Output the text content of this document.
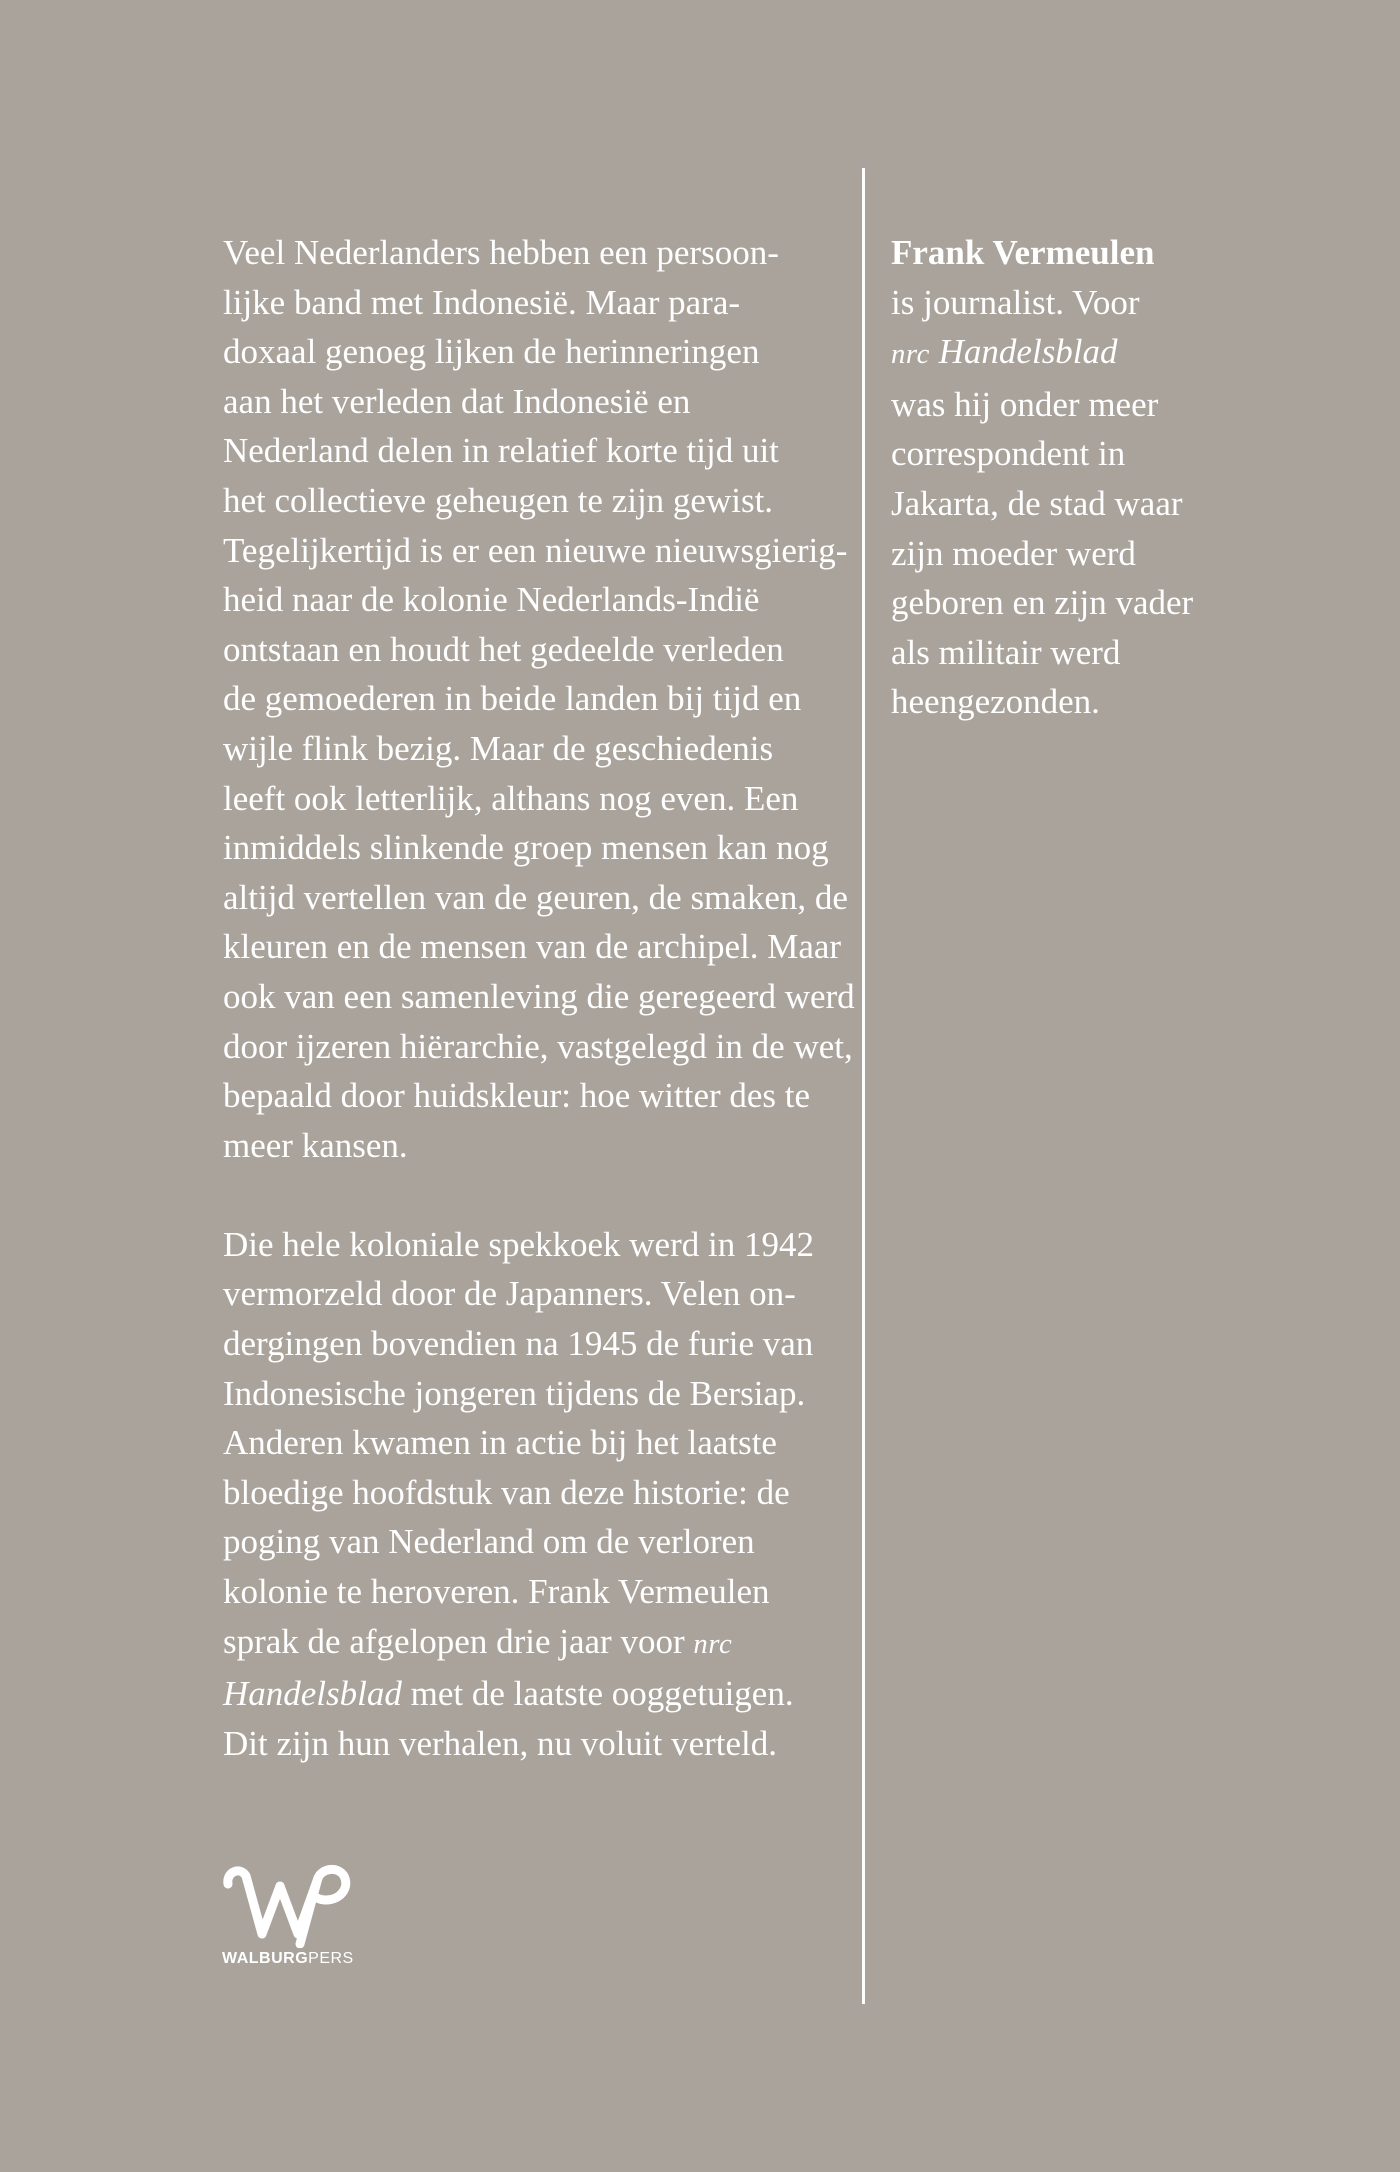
Veel Nederlanders hebben een persoon-
lijke band met Indonesië. Maar para-
doxaal genoeg lijken de herinneringen
aan het verleden dat Indonesië en
Nederland delen in relatief korte tijd uit
het collectieve geheugen te zijn gewist.
Tegelijkertijd is er een nieuwe nieuwsgierig-
heid naar de kolonie Nederlands-Indië
ontstaan en houdt het gedeelde verleden
de gemoederen in beide landen bij tijd en
wijle flink bezig. Maar de geschiedenis
leeft ook letterlijk, althans nog even. Een
inmiddels slinkende groep mensen kan nog
altijd vertellen van de geuren, de smaken, de
kleuren en de mensen van de archipel. Maar
ook van een samenleving die geregeerd werd
door ijzeren hiërarchie, vastgelegd in de wet,
bepaald door huidskleur: hoe witter des te
meer kansen.

Die hele koloniale spekkoek werd in 1942
vermorzeld door de Japanners. Velen on-
dergingen bovendien na 1945 de furie van
Indonesische jongeren tijdens de Bersiap.
Anderen kwamen in actie bij het laatste
bloedige hoofdstuk van deze historie: de
poging van Nederland om de verloren
kolonie te heroveren. Frank Vermeulen
sprak de afgelopen drie jaar voor nrc
Handelsblad met de laatste ooggetuigen.
Dit zijn hun verhalen, nu voluit verteld.

Frank Vermeulen
is journalist. Voor
nrc Handelsblad
was hij onder meer
correspondent in
Jakarta, de stad waar
zijn moeder werd
geboren en zijn vader
als militair werd
heengezonden.
WALBURGPERS
